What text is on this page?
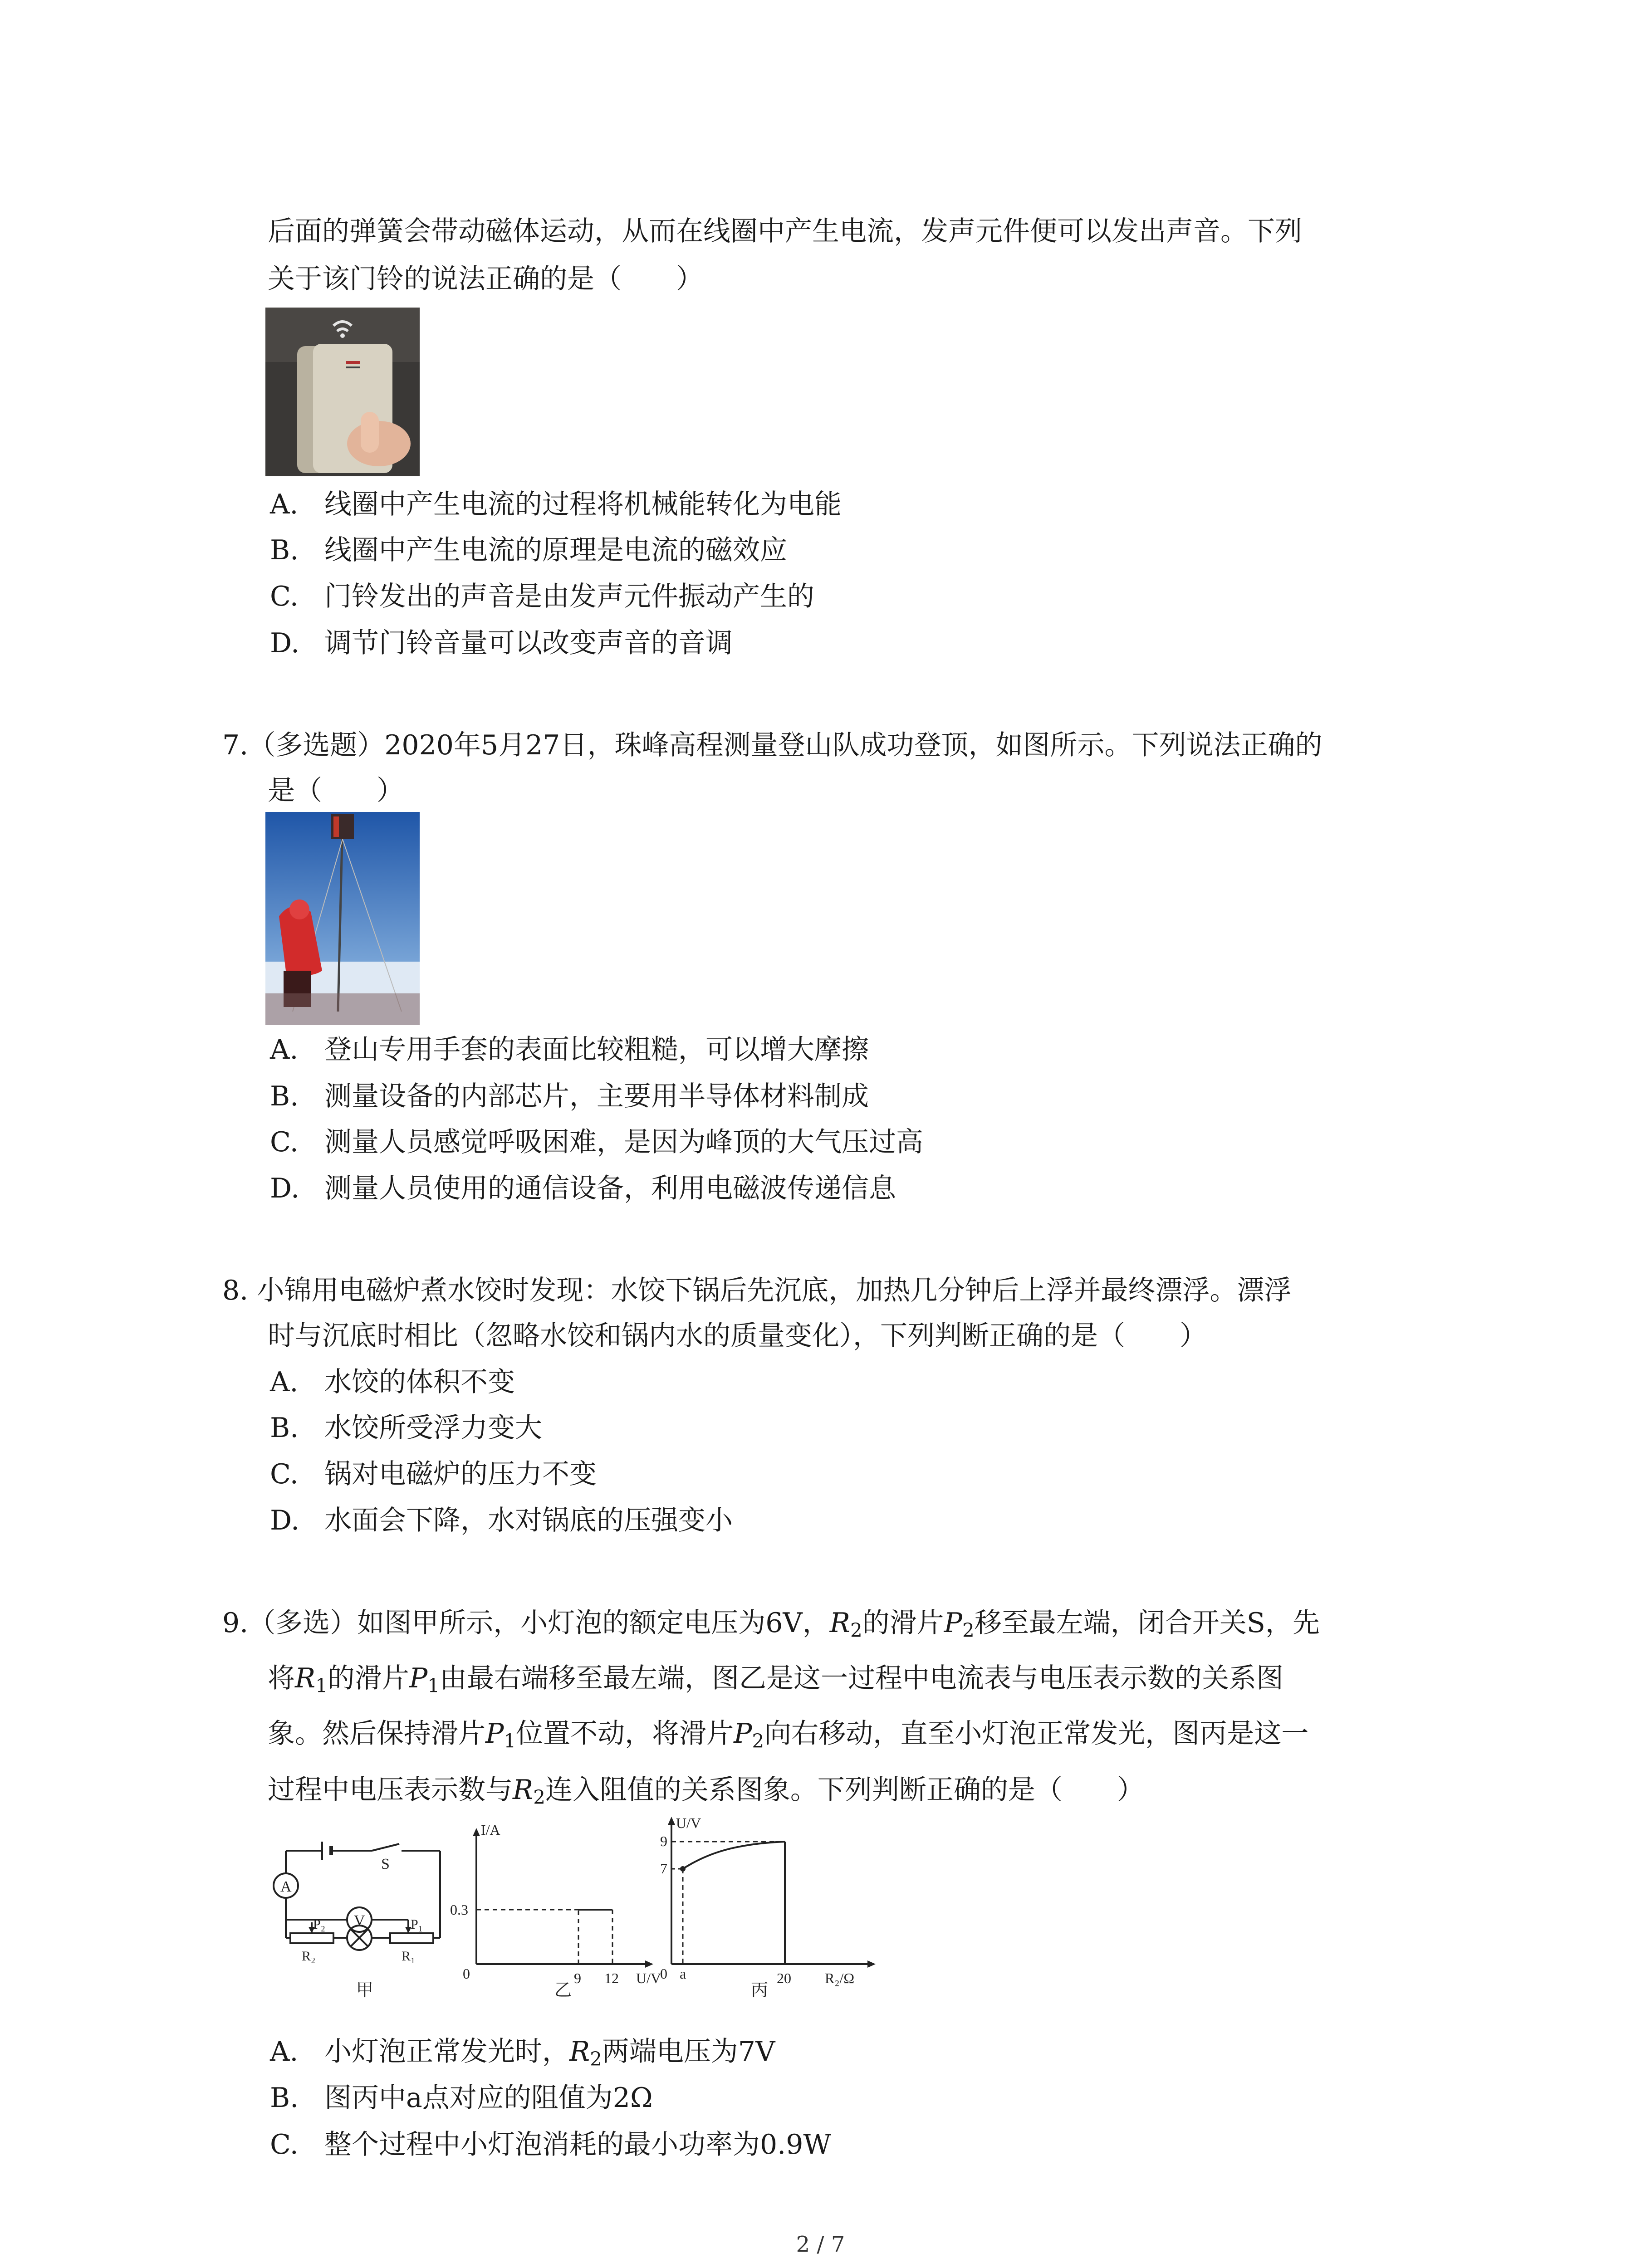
后面的弹簧会带动磁体运动，从而在线圈中产生电流，发声元件便可以发出声音。下列
关于该门铃的说法正确的是（　　）
A. 线圈中产生电流的过程将机械能转化为电能
B. 线圈中产生电流的原理是电流的磁效应
C. 门铃发出的声音是由发声元件振动产生的
D. 调节门铃音量可以改变声音的音调
7.（多选题）2020年5月27日，珠峰高程测量登山队成功登顶，如图所示。下列说法正确的
是（　　）
A. 登山专用手套的表面比较粗糙，可以增大摩擦
B. 测量设备的内部芯片，主要用半导体材料制成
C. 测量人员感觉呼吸困难，是因为峰顶的大气压过高
D. 测量人员使用的通信设备，利用电磁波传递信息
8. 小锦用电磁炉煮水饺时发现：水饺下锅后先沉底，加热几分钟后上浮并最终漂浮。漂浮
时与沉底时相比（忽略水饺和锅内水的质量变化），下列判断正确的是（　　）
A. 水饺的体积不变
B. 水饺所受浮力变大
C. 锅对电磁炉的压力不变
D. 水面会下降，水对锅底的压强变小
9.（多选）如图甲所示，小灯泡的额定电压为6V，$R_2$的滑片$P_2$移至最左端，闭合开关S，先
将$R_1$的滑片$P_1$由最右端移至最左端，图乙是这一过程中电流表与电压表示数的关系图
象。然后保持滑片$P_1$位置不动，将滑片$P_2$向右移动，直至小灯泡正常发光，图丙是这一
过程中电压表示数与$R_2$连入阻值的关系图象。下列判断正确的是（　　）
A
V
S
P₂	P₁
R₂	R₁
甲
I/A
0
0.3
9 12 U/V
乙
U/V
9
7
0 a	20 R₂/Ω
丙
A. 小灯泡正常发光时，$R_2$两端电压为7V
B. 图丙中a点对应的阻值为2Ω
C. 整个过程中小灯泡消耗的最小功率为0.9W
2 / 7
